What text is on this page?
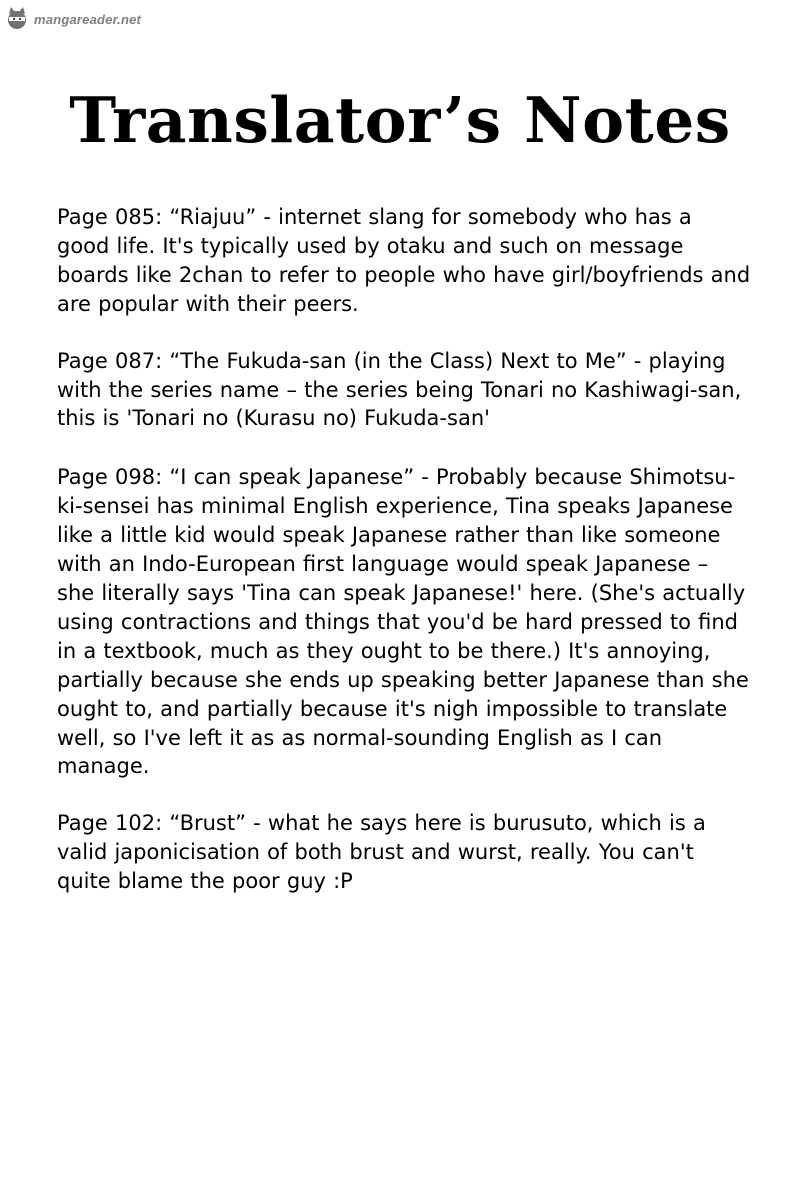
mangareader.net
Translator’s Notes

Page 085: “Riajuu” - internet slang for somebody who has a good life. It's typically used by otaku and such on message boards like 2chan to refer to people who have girl/boyfriends and are popular with their peers.

Page 087: “The Fukuda-san (in the Class) Next to Me” - playing with the series name – the series being Tonari no Kashiwagi-san, this is 'Tonari no (Kurasu no) Fukuda-san'

Page 098: “I can speak Japanese” - Probably because Shimotsu-ki-sensei has minimal English experience, Tina speaks Japanese like a little kid would speak Japanese rather than like someone with an Indo-European first language would speak Japanese – she literally says 'Tina can speak Japanese!' here. (She's actually using contractions and things that you'd be hard pressed to find in a textbook, much as they ought to be there.) It's annoying, partially because she ends up speaking better Japanese than she ought to, and partially because it's nigh impossible to translate well, so I've left it as as normal-sounding English as I can manage.

Page 102: “Brust” - what he says here is burusuto, which is a valid japonicisation of both brust and wurst, really. You can't quite blame the poor guy :P
